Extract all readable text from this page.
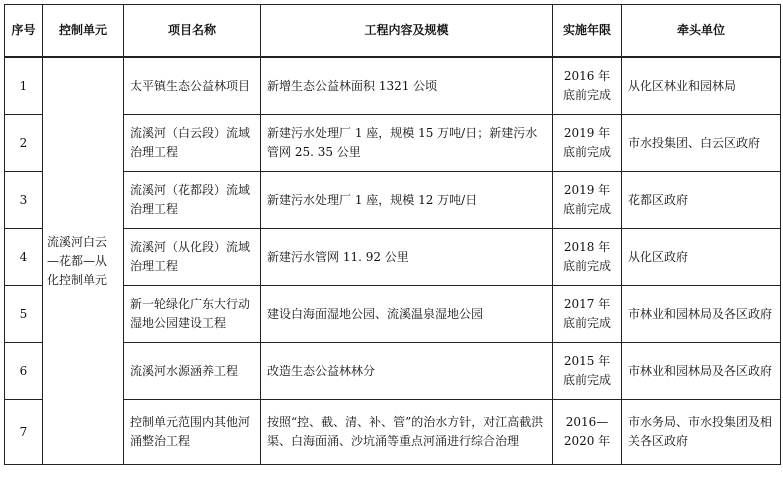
序号	控制单元	项目名称	工程内容及规模	实施年限	牵头单位
1	流溪河白云—花都—从化控制单元	太平镇生态公益林项目	新增生态公益林面积 1321 公顷	2016 年底前完成	从化区林业和园林局
2		流溪河（白云段）流域治理工程	新建污水处理厂 1 座，规模 15 万吨/日；新建污水管网 25. 35 公里	2019 年底前完成	市水投集团、白云区政府
3		流溪河（花都段）流域治理工程	新建污水处理厂 1 座，规模 12 万吨/日	2019 年底前完成	花都区政府
4		流溪河（从化段）流域治理工程	新建污水管网 11. 92 公里	2018 年底前完成	从化区政府
5		新一轮绿化广东大行动湿地公园建设工程	建设白海面湿地公园、流溪温泉湿地公园	2017 年底前完成	市林业和园林局及各区政府
6		流溪河水源涵养工程	改造生态公益林林分	2015 年底前完成	市林业和园林局及各区政府
7		控制单元范围内其他河涌整治工程	按照“控、截、清、补、管”的治水方针，对江高截洪渠、白海面涌、沙坑涌等重点河涌进行综合治理	2016—2020 年	市水务局、市水投集团及相关各区政府
